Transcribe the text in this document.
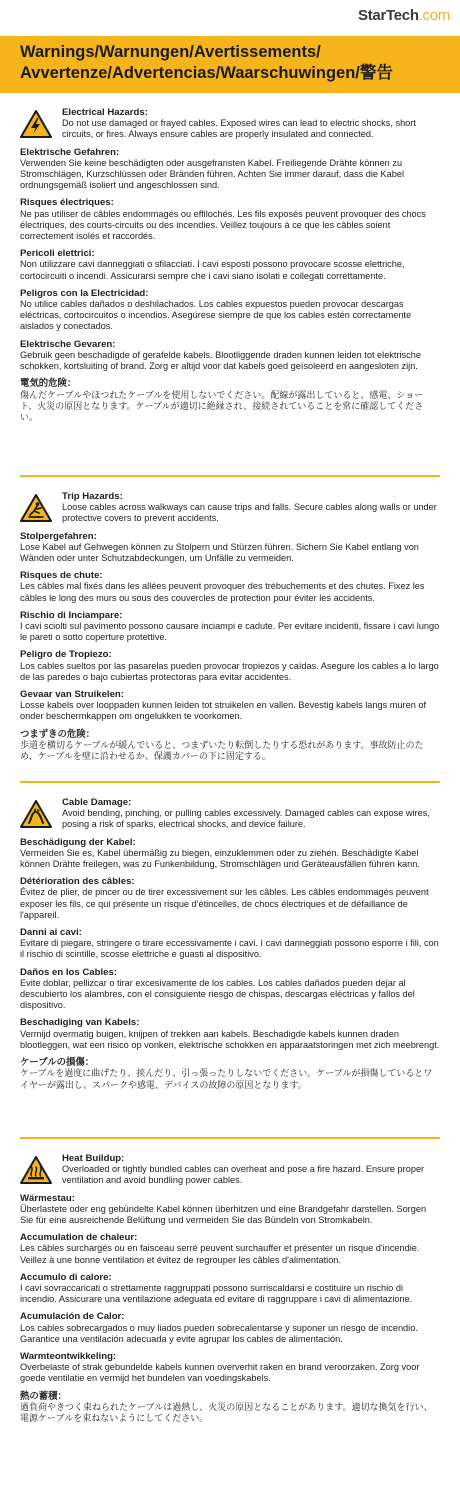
StarTech.com
Warnings/Warnungen/Avertissements/
Avvertenze/Advertencias/Waarschuwingen/警告
Electrical Hazards:
Do not use damaged or frayed cables. Exposed wires can lead to electric shocks, short circuits, or fires. Always ensure cables are properly insulated and connected.
Elektrische Gefahren:
Verwenden Sie keine beschädigten oder ausgefransten Kabel. Freiliegende Drähte können zu Stromschlägen, Kurzschlüssen oder Bränden führen. Achten Sie immer darauf, dass die Kabel ordnungsgemäß isoliert und angeschlossen sind.
Risques électriques:
Ne pas utiliser de câbles endommagés ou effilochés. Les fils exposés peuvent provoquer des chocs électriques, des courts-circuits ou des incendies. Veillez toujours à ce que les câbles soient correctement isolés et raccordés.
Pericoli elettrici:
Non utilizzare cavi danneggiati o sfilacciati. I cavi esposti possono provocare scosse elettriche, cortocircuiti o incendi. Assicurarsi sempre che i cavi siano isolati e collegati correttamente.
Peligros con la Electricidad:
No utilice cables dañados o deshilachados. Los cables expuestos pueden provocar descargas eléctricas, cortocircuitos o incendios. Asegúrese siempre de que los cables estén correctamente aislados y conectados.
Elektrische Gevaren:
Gebruik geen beschadigde of gerafelde kabels. Blootliggende draden kunnen leiden tot elektrische schokken, kortsluiting of brand. Zorg er altijd voor dat kabels goed geïsoleerd en aangesloten zijn.
電気的危険：
傷んだケーブルやほつれたケーブルを使用しないでください。配線が露出していると、感電、ショート、火災の原因となります。ケーブルが適切に絶縁され、接続されていることを常に確認してください。
Trip Hazards:
Loose cables across walkways can cause trips and falls. Secure cables along walls or under protective covers to prevent accidents.
Stolpergefahren:
Lose Kabel auf Gehwegen können zu Stolpern und Stürzen führen. Sichern Sie Kabel entlang von Wänden oder unter Schutzabdeckungen, um Unfälle zu vermeiden.
Risques de chute:
Les câbles mal fixés dans les allées peuvent provoquer des trébuchements et des chutes. Fixez les câbles le long des murs ou sous des couvercles de protection pour éviter les accidents.
Rischio di Inciampare:
I cavi sciolti sul pavimento possono causare inciampi e cadute. Per evitare incidenti, fissare i cavi lungo le pareti o sotto coperture protettive.
Peligro de Tropiezo:
Los cables sueltos por las pasarelas pueden provocar tropiezos y caídas. Asegure los cables a lo largo de las paredes o bajo cubiertas protectoras para evitar accidentes.
Gevaar van Struikelen:
Losse kabels over looppaden kunnen leiden tot struikelen en vallen. Bevestig kabels langs muren of onder beschermkappen om ongelukken te voorkomen.
つまずきの危険：
歩道を横切るケーブルが緩んでいると、つまずいたり転倒したりする恐れがあります。事故防止のため、ケーブルを壁に沿わせるか、保護カバーの下に固定する。
Cable Damage:
Avoid bending, pinching, or pulling cables excessively. Damaged cables can expose wires, posing a risk of sparks, electrical shocks, and device failure.
Beschädigung der Kabel:
Vermeiden Sie es, Kabel übermäßig zu biegen, einzuklemmen oder zu ziehen. Beschädigte Kabel können Drähte freilegen, was zu Funkenbildung, Stromschlägen und Geräteausfällen führen kann.
Détérioration des câbles:
Évitez de plier, de pincer ou de tirer excessivement sur les câbles. Les câbles endommagés peuvent exposer les fils, ce qui présente un risque d'étincelles, de chocs électriques et de défaillance de l'appareil.
Danni ai cavi:
Evitare di piegare, stringere o tirare eccessivamente i cavi. I cavi danneggiati possono esporre i fili, con il rischio di scintille, scosse elettriche e guasti al dispositivo.
Daños en los Cables:
Evite doblar, pellizcar o tirar excesivamente de los cables. Los cables dañados pueden dejar al descubierto los alambres, con el consiguiente riesgo de chispas, descargas eléctricas y fallos del dispositivo.
Beschadiging van Kabels:
Vermijd overmatig buigen, knijpen of trekken aan kabels. Beschadigde kabels kunnen draden blootleggen, wat een risico op vonken, elektrische schokken en apparaatstoringen met zich meebrengt.
ケーブルの損傷：
ケーブルを過度に曲げたり、挟んだり、引っ張ったりしないでください。ケーブルが損傷しているとワイヤーが露出し、スパークや感電、デバイスの故障の原因となります。
Heat Buildup:
Overloaded or tightly bundled cables can overheat and pose a fire hazard. Ensure proper ventilation and avoid bundling power cables.
Wärmestau:
Überlastete oder eng gebündelte Kabel können überhitzen und eine Brandgefahr darstellen. Sorgen Sie für eine ausreichende Belüftung und vermeiden Sie das Bündeln von Stromkabeln.
Accumulation de chaleur:
Les câbles surchargés ou en faisceau serré peuvent surchauffer et présenter un risque d'incendie. Veillez à une bonne ventilation et évitez de regrouper les câbles d'alimentation.
Accumulo di calore:
I cavi sovraccaricati o strettamente raggruppati possono surriscaldarsi e costituire un rischio di incendio. Assicurare una ventilazione adeguata ed evitare di raggruppare i cavi di alimentazione.
Acumulación de Calor:
Los cables sobrecargados o muy liados pueden sobrecalentarse y suponer un riesgo de incendio. Garantice una ventilación adecuada y evite agrupar los cables de alimentación.
Warmteontwikkeling:
Overbelaste of strak gebundelde kabels kunnen oververhit raken en brand veroorzaken. Zorg voor goede ventilatie en vermijd het bundelen van voedingskabels.
熱の蓄積：
過負荷やきつく束ねられたケーブルは過熱し、火災の原因となることがあります。適切な換気を行い、電源ケーブルを束ねないようにしてください。
